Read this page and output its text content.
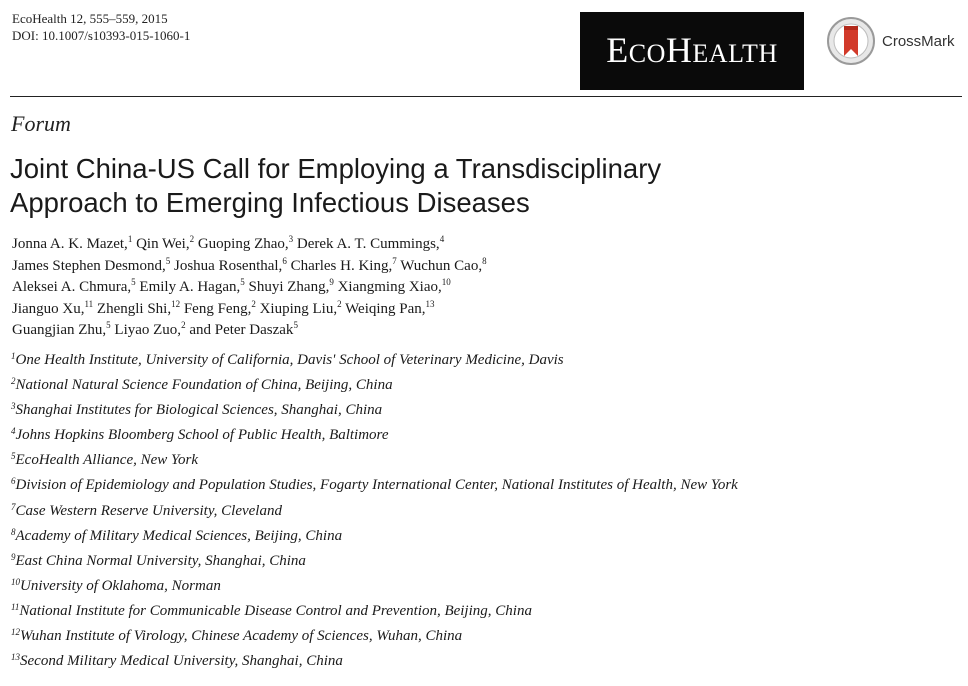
EcoHealth 12, 555–559, 2015
DOI: 10.1007/s10393-015-1060-1	ECOHEALTH	CrossMark
Forum
Joint China-US Call for Employing a Transdisciplinary
Approach to Emerging Infectious Diseases
Jonna A. K. Mazet,$^1$ Qin Wei,$^2$ Guoping Zhao,$^3$ Derek A. T. Cummings,$^4$
James Stephen Desmond,$^5$ Joshua Rosenthal,$^6$ Charles H. King,$^7$ Wuchun Cao,$^8$
Aleksei A. Chmura,$^5$ Emily A. Hagan,$^5$ Shuyi Zhang,$^9$ Xiangming Xiao,$^{10}$
Jianguo Xu,$^{11}$ Zhengli Shi,$^{12}$ Feng Feng,$^2$ Xiuping Liu,$^2$ Weiqing Pan,$^{13}$
Guangjian Zhu,$^5$ Liyao Zuo,$^2$ and Peter Daszak$^5$
$^1$One Health Institute, University of California, Davis' School of Veterinary Medicine, Davis
$^2$National Natural Science Foundation of China, Beijing, China
$^3$Shanghai Institutes for Biological Sciences, Shanghai, China
$^4$Johns Hopkins Bloomberg School of Public Health, Baltimore
$^5$EcoHealth Alliance, New York
$^6$Division of Epidemiology and Population Studies, Fogarty International Center, National Institutes of Health, New York
$^7$Case Western Reserve University, Cleveland
$^8$Academy of Military Medical Sciences, Beijing, China
$^9$East China Normal University, Shanghai, China
$^{10}$University of Oklahoma, Norman
$^{11}$National Institute for Communicable Disease Control and Prevention, Beijing, China
$^{12}$Wuhan Institute of Virology, Chinese Academy of Sciences, Wuhan, China
$^{13}$Second Military Medical University, Shanghai, China
